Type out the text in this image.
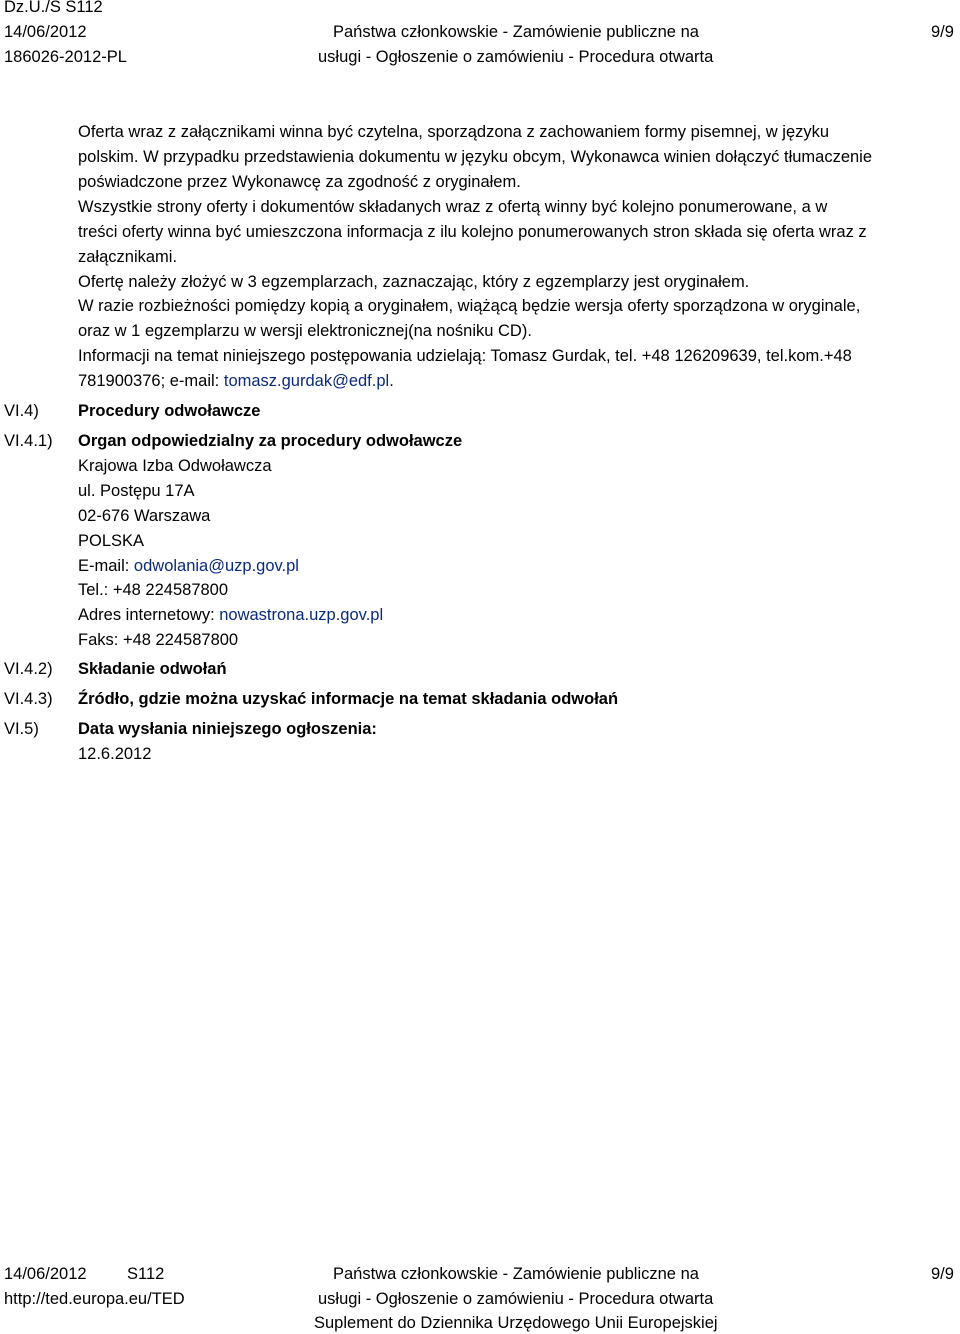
Dz.U./S S112
14/06/2012
186026-2012-PL
Państwa członkowskie - Zamówienie publiczne na
usługi - Ogłoszenie o zamówieniu - Procedura otwarta
9/9
Oferta wraz z załącznikami winna być czytelna, sporządzona z zachowaniem formy pisemnej, w języku
polskim. W przypadku przedstawienia dokumentu w języku obcym, Wykonawca winien dołączyć tłumaczenie
poświadczone przez Wykonawcę za zgodność z oryginałem.
Wszystkie strony oferty i dokumentów składanych wraz z ofertą winny być kolejno ponumerowane, a w
treści oferty winna być umieszczona informacja z ilu kolejno ponumerowanych stron składa się oferta wraz z
załącznikami.
Ofertę należy złożyć w 3 egzemplarzach, zaznaczając, który z egzemplarzy jest oryginałem.
W razie rozbieżności pomiędzy kopią a oryginałem, wiążącą będzie wersja oferty sporządzona w oryginale,
oraz w 1 egzemplarzu w wersji elektronicznej(na nośniku CD).
Informacji na temat niniejszego postępowania udzielają: Tomasz Gurdak, tel. +48 126209639, tel.kom.+48
781900376; e-mail: tomasz.gurdak@edf.pl.
VI.4) Procedury odwoławcze
VI.4.1) Organ odpowiedzialny za procedury odwoławcze
Krajowa Izba Odwoławcza
ul. Postępu 17A
02-676 Warszawa
POLSKA
E-mail: odwolania@uzp.gov.pl
Tel.: +48 224587800
Adres internetowy: nowastrona.uzp.gov.pl
Faks: +48 224587800
VI.4.2) Składanie odwołań
VI.4.3) Źródło, gdzie można uzyskać informacje na temat składania odwołań
VI.5) Data wysłania niniejszego ogłoszenia:
12.6.2012
14/06/2012 S112
http://ted.europa.eu/TED
Państwa członkowskie - Zamówienie publiczne na
usługi - Ogłoszenie o zamówieniu - Procedura otwarta
Suplement do Dziennika Urzędowego Unii Europejskiej
9/9
